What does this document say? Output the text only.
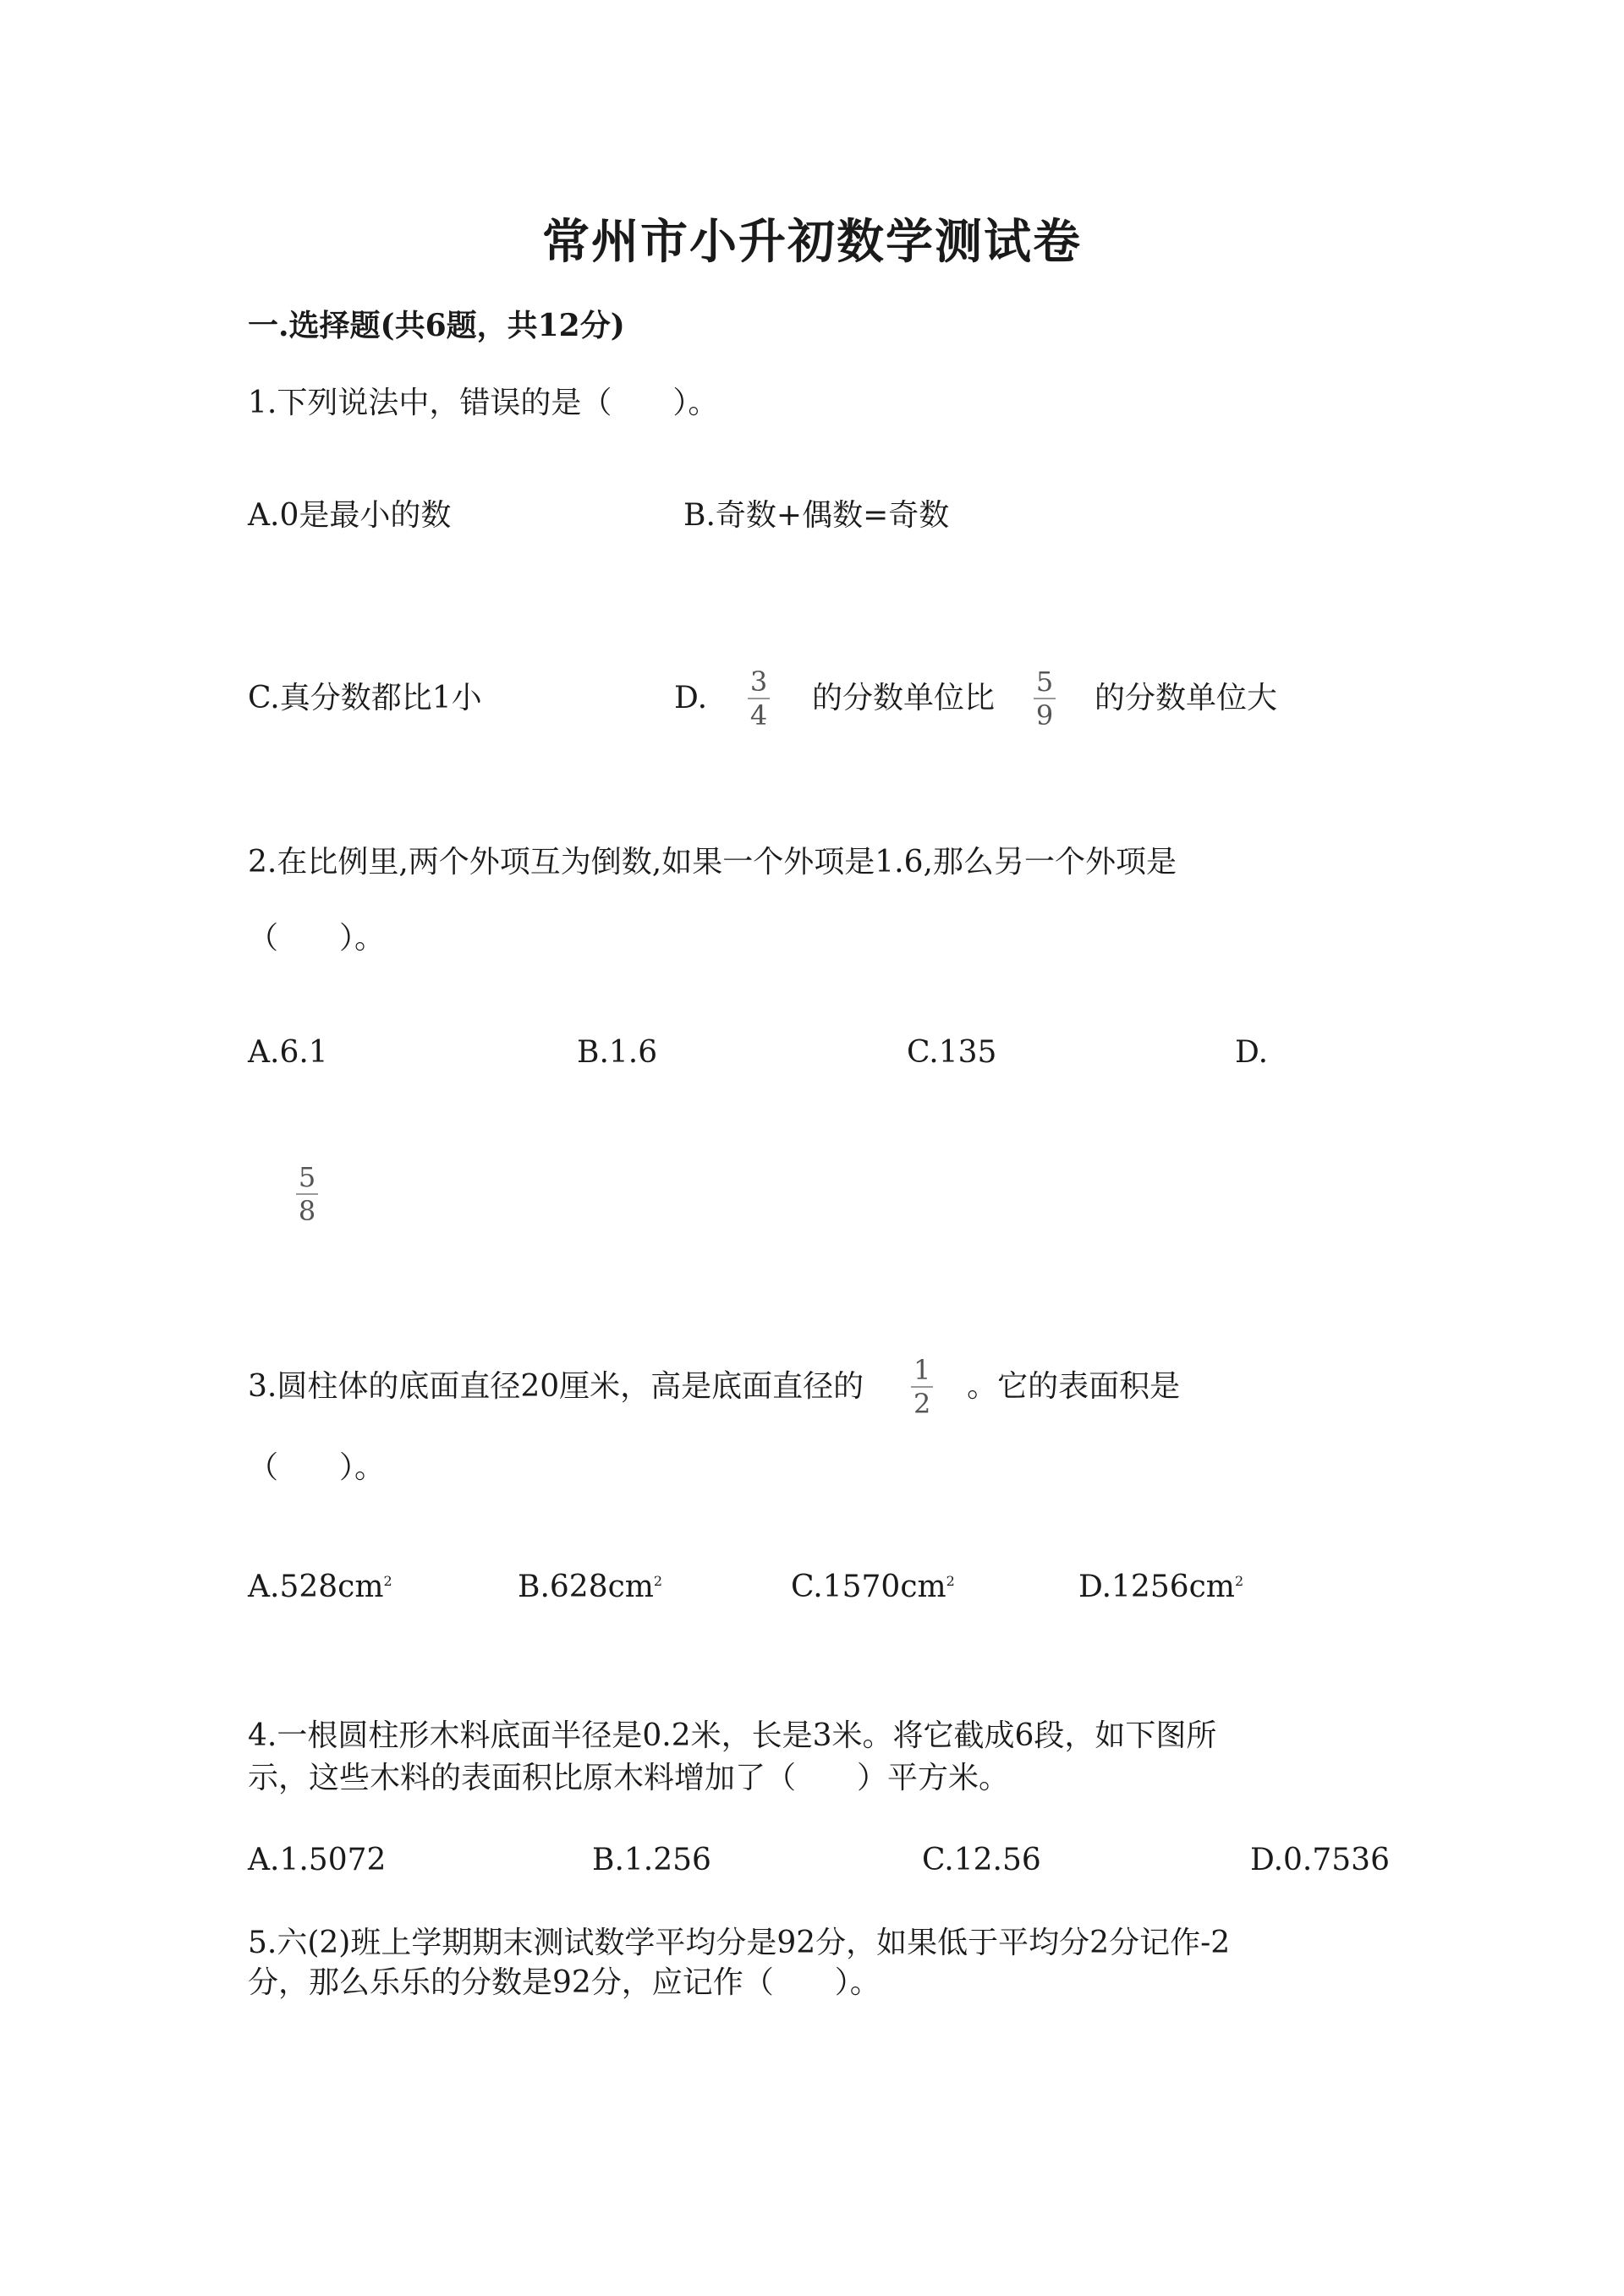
常州市小升初数学测试卷
一.选择题(共6题，共12分)
1.下列说法中，错误的是（　　）。
A.0是最小的数	B.奇数+偶数=奇数
C.真分数都比1小	D. $\frac{3}{4}$ 的分数单位比 $\frac{5}{9}$ 的分数单位大
2.在比例里,两个外项互为倒数,如果一个外项是1.6,那么另一个外项是
（　　）。
A.6.1	B.1.6	C.135	D.
$\frac{5}{8}$
3. 圆柱体的底面直径20厘米，高是底面直径的 $\frac{1}{2}$ 。它的表面积是
（　　）。
$A.528cm^2$	$B.628cm^2$	$C.1570cm^2$	$D.1256cm^2$
4.一根圆柱形木料底面半径是0.2米，长是3米。将它截成6段，如下图所
示，这些木料的表面积比原木料增加了（　　）平方米。
A.1.5072	B.1.256	C.12.56	D.0.7536
5.六(2)班上学期期末测试数学平均分是92分，如果低于平均分2分记作-2
分，那么乐乐的分数是92分，应记作（　　）。
